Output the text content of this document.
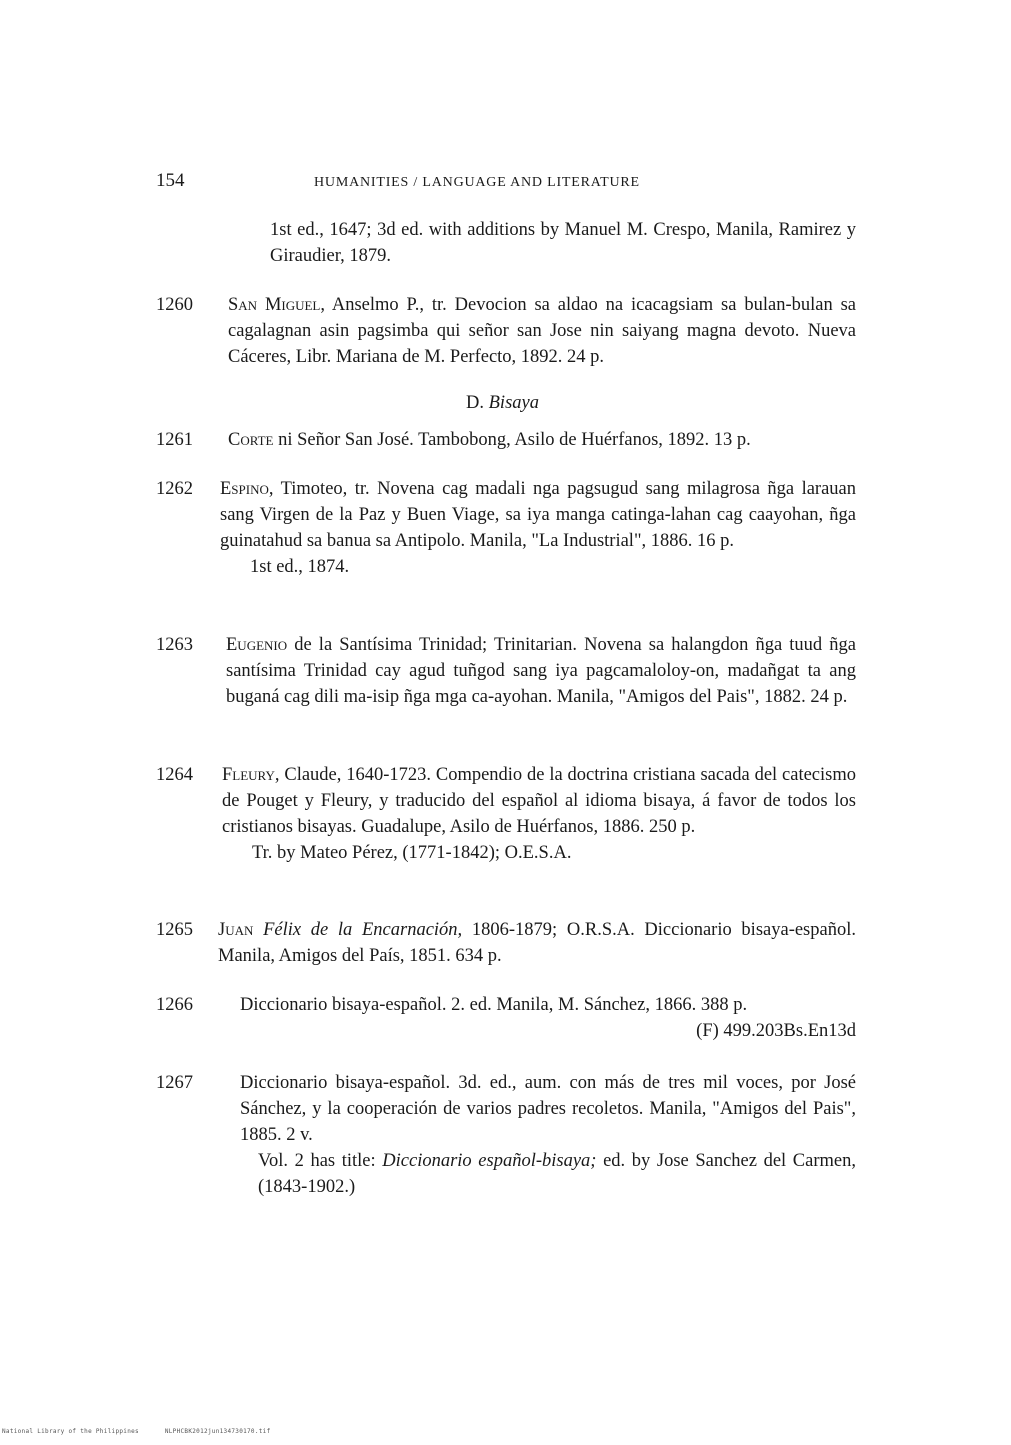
154	HUMANITIES / LANGUAGE AND LITERATURE
1st ed., 1647; 3d ed. with additions by Manuel M. Crespo, Manila, Ramirez y Giraudier, 1879.
1260 San Miguel, Anselmo P., tr. Devocion sa aldao na icacagsiam sa bulan-bulan sa cagalagnan asin pagsimba qui señor san Jose nin saiyang magna devoto. Nueva Cáceres, Libr. Mariana de M. Perfecto, 1892. 24 p.
D. Bisaya
1261 Corte ni Señor San José. Tambobong, Asilo de Huérfanos, 1892. 13 p.
1262 Espino, Timoteo, tr. Novena cag madali nga pagsugud sang milagrosa ñga larauan sang Virgen de la Paz y Buen Viage, sa iya manga catinga-lahan cag caayohan, ñga guinatahud sa banua sa Antipolo. Manila, "La Industrial", 1886. 16 p.
1st ed., 1874.
1263 Eugenio de la Santísima Trinidad; Trinitarian. Novena sa halangdon ñga tuud ñga santísima Trinidad cay agud tuñgod sang iya pagcamaloloy-on, madañgat ta ang buganá cag dili ma-isip ñga mga ca-ayohan. Manila, "Amigos del Pais", 1882. 24 p.
1264 Fleury, Claude, 1640-1723. Compendio de la doctrina cristiana sacada del catecismo de Pouget y Fleury, y traducido del español al idioma bisaya, á favor de todos los cristianos bisayas. Guadalupe, Asilo de Huérfanos, 1886. 250 p.
Tr. by Mateo Pérez, (1771-1842); O.E.S.A.
1265 Juan Félix de la Encarnación, 1806-1879; O.R.S.A. Diccionario bisaya-español. Manila, Amigos del País, 1851. 634 p.
1266	Diccionario bisaya-español. 2. ed. Manila, M. Sánchez, 1866. 388 p.
(F) 499.203Bs.En13d
1267	Diccionario bisaya-español. 3d. ed., aum. con más de tres mil voces, por José Sánchez, y la cooperación de varios padres recoletos. Manila, "Amigos del Pais", 1885. 2 v.
Vol. 2 has title: Diccionario español-bisaya; ed. by Jose Sanchez del Carmen, (1843-1902.)
National Library of the Philippines	NLPHCBK2012jun134730170.tif
